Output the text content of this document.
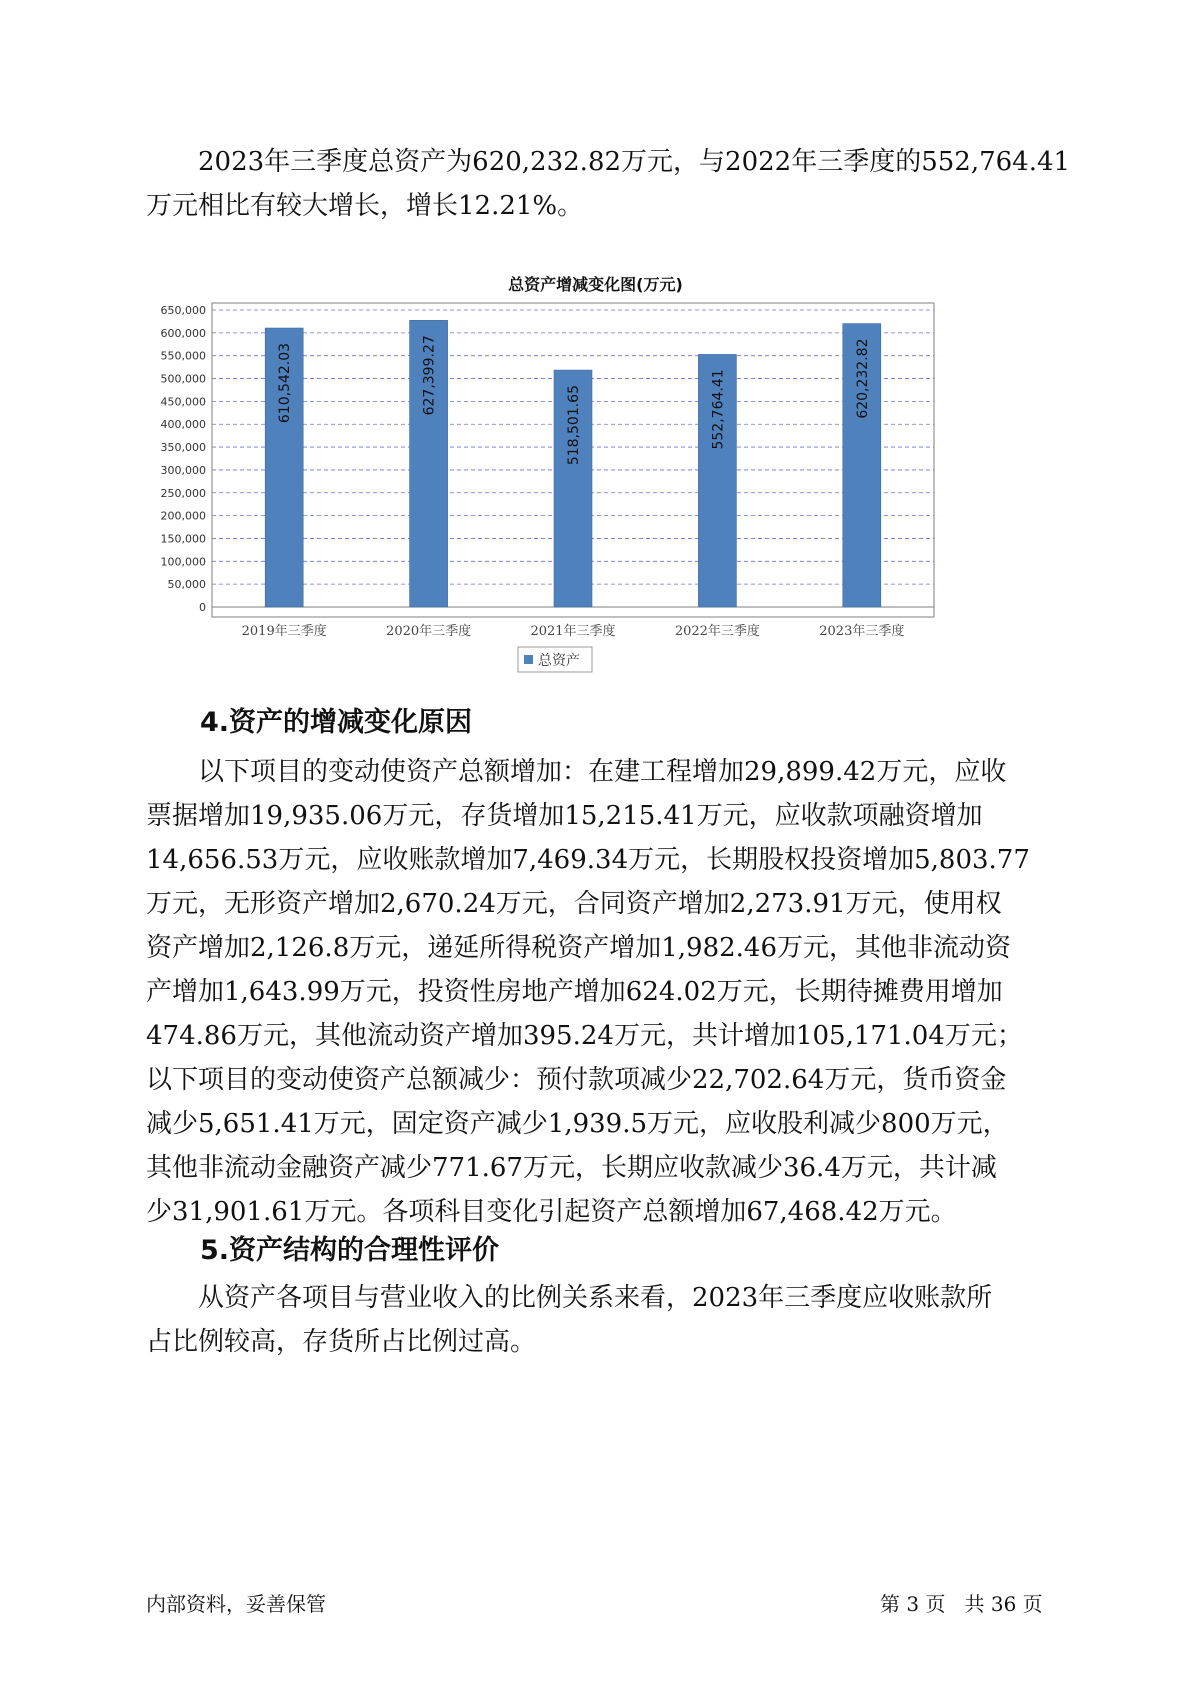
2023年三季度总资产为620,232.82万元，与2022年三季度的552,764.41
万元相比有较大增长，增长12.21%。

总资产增减变化图(万元)
0
50,000
100,000
150,000
200,000
250,000
300,000
350,000
400,000
450,000
500,000
550,000
600,000
650,000
610,542.03	627,399.27
518,501.65	552,764.41	620,232.82
2019年三季度	2020年三季度	2021年三季度	2022年三季度	2023年三季度
总资产
4.资产的增减变化原因

以下项目的变动使资产总额增加：在建工程增加29,899.42万元，应收
票据增加19,935.06万元，存货增加15,215.41万元，应收款项融资增加
14,656.53万元，应收账款增加7,469.34万元，长期股权投资增加5,803.77
万元，无形资产增加2,670.24万元，合同资产增加2,273.91万元，使用权
资产增加2,126.8万元，递延所得税资产增加1,982.46万元，其他非流动资
产增加1,643.99万元，投资性房地产增加624.02万元，长期待摊费用增加
474.86万元，其他流动资产增加395.24万元，共计增加105,171.04万元；
以下项目的变动使资产总额减少：预付款项减少22,702.64万元，货币资金
减少5,651.41万元，固定资产减少1,939.5万元，应收股利减少800万元，
其他非流动金融资产减少771.67万元，长期应收款减少36.4万元，共计减
少31,901.61万元。各项科目变化引起资产总额增加67,468.42万元。

5.资产结构的合理性评价

从资产各项目与营业收入的比例关系来看，2023年三季度应收账款所
占比例较高，存货所占比例过高。

内部资料，妥善保管	第 3 页   共 36 页
